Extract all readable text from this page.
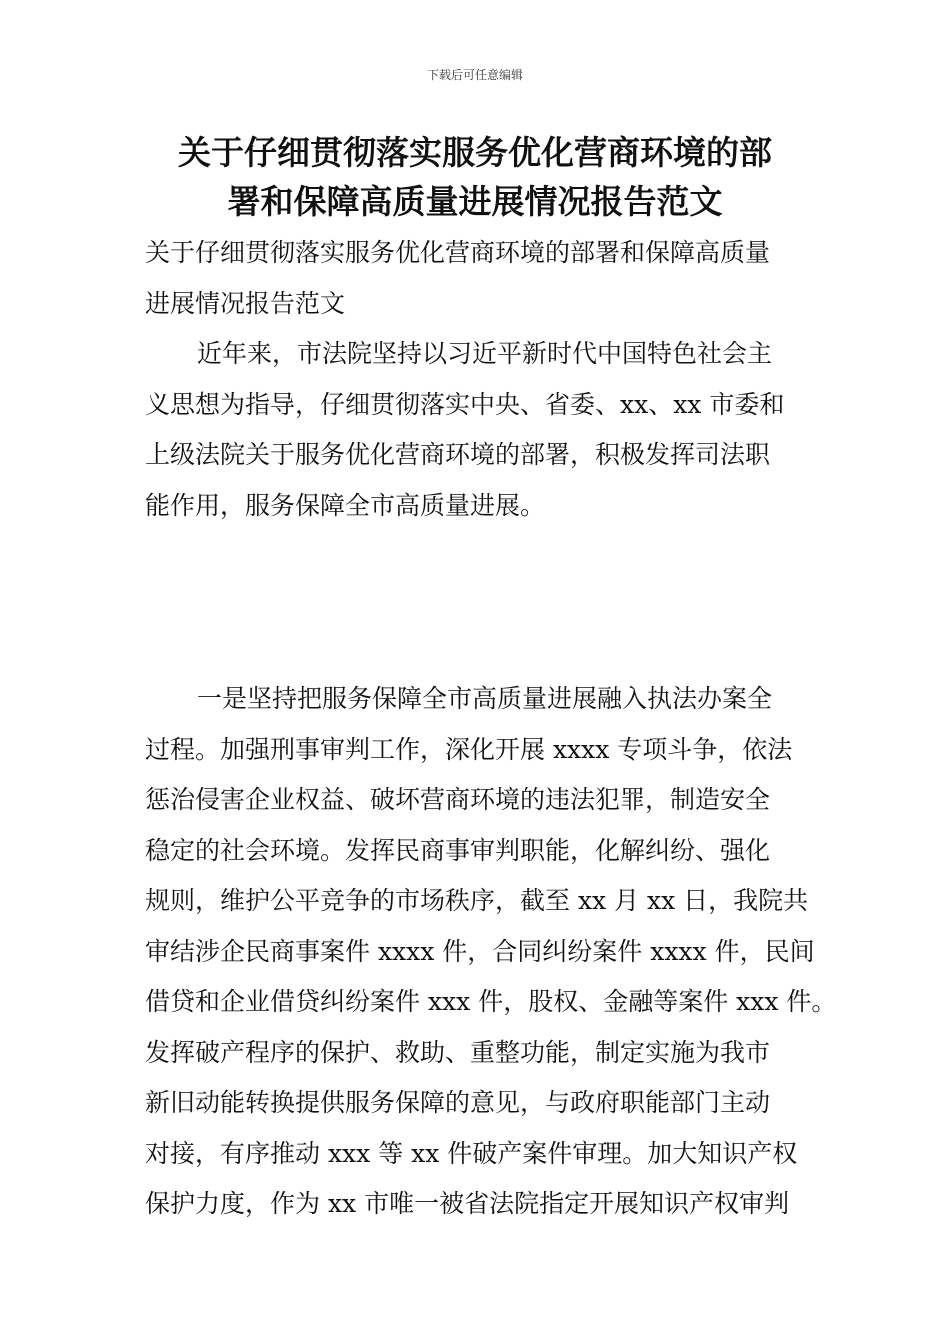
下载后可任意编辑
关于仔细贯彻落实服务优化营商环境的部
署和保障高质量进展情况报告范文

关于仔细贯彻落实服务优化营商环境的部署和保障高质量
进展情况报告范文

近年来，市法院坚持以习近平新时代中国特色社会主
义思想为指导，仔细贯彻落实中央、省委、xx、xx 市委和
上级法院关于服务优化营商环境的部署，积极发挥司法职
能作用，服务保障全市高质量进展。

一是坚持把服务保障全市高质量进展融入执法办案全
过程。加强刑事审判工作，深化开展 xxxx 专项斗争，依法
惩治侵害企业权益、破坏营商环境的违法犯罪，制造安全
稳定的社会环境。发挥民商事审判职能，化解纠纷、强化
规则，维护公平竞争的市场秩序，截至 xx 月 xx 日，我院共
审结涉企民商事案件 xxxx 件，合同纠纷案件 xxxx 件，民间
借贷和企业借贷纠纷案件 xxx 件，股权、金融等案件 xxx 件。
发挥破产程序的保护、救助、重整功能，制定实施为我市
新旧动能转换提供服务保障的意见，与政府职能部门主动
对接，有序推动 xxx 等 xx 件破产案件审理。加大知识产权
保护力度，作为 xx 市唯一被省法院指定开展知识产权审判
